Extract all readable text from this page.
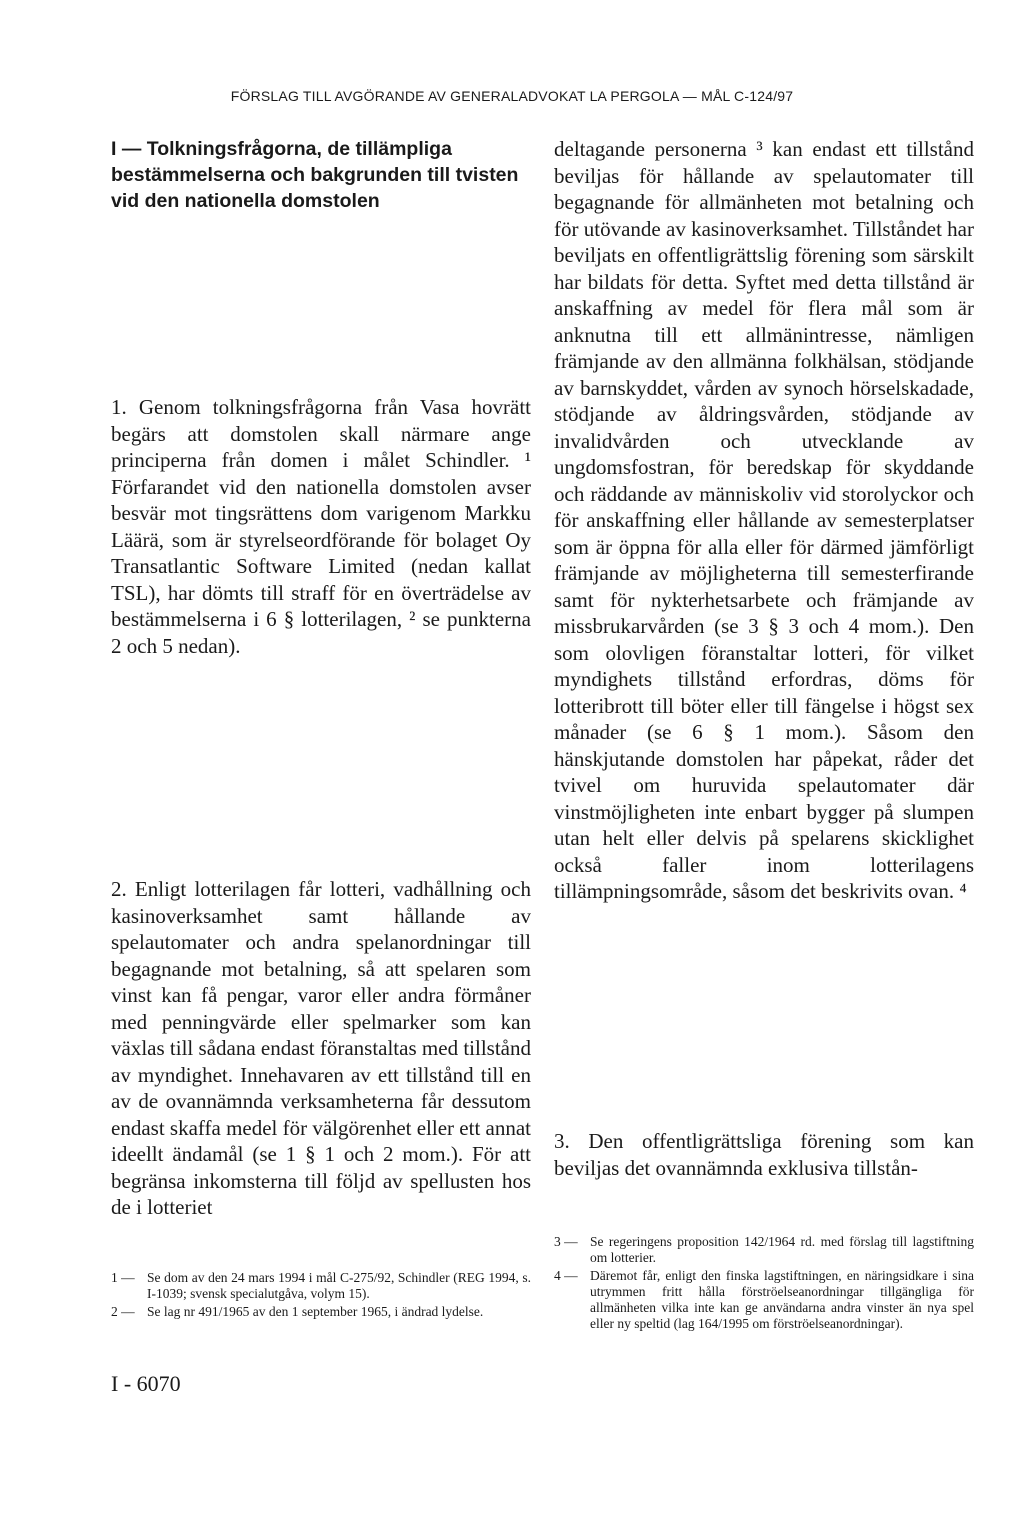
FÖRSLAG TILL AVGÖRANDE AV GENERALADVOKAT LA PERGOLA — MÅL C-124/97
I — Tolkningsfrågorna, de tillämpliga bestämmelserna och bakgrunden till tvisten vid den nationella domstolen

1. Genom tolkningsfrågorna från Vasa hovrätt begärs att domstolen skall närmare ange principerna från domen i målet Schindler. ¹ Förfarandet vid den nationella domstolen avser besvär mot tingsrättens dom varigenom Markku Läärä, som är styrelseordförande för bolaget Oy Transatlantic Software Limited (nedan kallat TSL), har dömts till straff för en överträdelse av bestämmelserna i 6 § lotterilagen, ² se punkterna 2 och 5 nedan).

2. Enligt lotterilagen får lotteri, vadhållning och kasinoverksamhet samt hållande av spelautomater och andra spelanordningar till begagnande mot betalning, så att spelaren som vinst kan få pengar, varor eller andra förmåner med penningvärde eller spelmarker som kan växlas till sådana endast föranstaltas med tillstånd av myndighet. Innehavaren av ett tillstånd till en av de ovannämnda verksamheterna får dessutom endast skaffa medel för välgörenhet eller ett annat ideellt ändamål (se 1 § 1 och 2 mom.). För att begränsa inkomsterna till följd av spellusten hos de i lotteriet

deltagande personerna ³ kan endast ett tillstånd beviljas för hållande av spelautomater till begagnande för allmänheten mot betalning och för utövande av kasinoverksamhet. Tillståndet har beviljats en offentligrättslig förening som särskilt har bildats för detta. Syftet med detta tillstånd är anskaffning av medel för flera mål som är anknutna till ett allmänintresse, nämligen främjande av den allmänna folkhälsan, stödjande av barnskyddet, vården av synoch hörselskadade, stödjande av åldringsvården, stödjande av invalidvården och utvecklande av ungdomsfostran, för beredskap för skyddande och räddande av människoliv vid storolyckor och för anskaffning eller hållande av semesterplatser som är öppna för alla eller för därmed jämförligt främjande av möjligheterna till semesterfirande samt för nykterhetsarbete och främjande av missbrukarvården (se 3 § 3 och 4 mom.). Den som olovligen föranstaltar lotteri, för vilket myndighets tillstånd erfordras, döms för lotteribrott till böter eller till fängelse i högst sex månader (se 6 § 1 mom.). Såsom den hänskjutande domstolen har påpekat, råder det tvivel om huruvida spelautomater där vinstmöjligheten inte enbart bygger på slumpen utan helt eller delvis på spelarens skicklighet också faller inom lotterilagens tillämpningsområde, såsom det beskrivits ovan. ⁴

3. Den offentligrättsliga förening som kan beviljas det ovannämnda exklusiva tillstån-

1 — Se dom av den 24 mars 1994 i mål C-275/92, Schindler (REG 1994, s. I-1039; svensk specialutgåva, volym 15).
2 — Se lag nr 491/1965 av den 1 september 1965, i ändrad lydelse.
3 — Se regeringens proposition 142/1964 rd. med förslag till lagstiftning om lotterier.
4 — Däremot får, enligt den finska lagstiftningen, en näringsidkare i sina utrymmen fritt hålla förströelseanordningar tillgängliga för allmänheten vilka inte kan ge användarna andra vinster än nya spel eller ny speltid (lag 164/1995 om förströelseanordningar).
I - 6070
